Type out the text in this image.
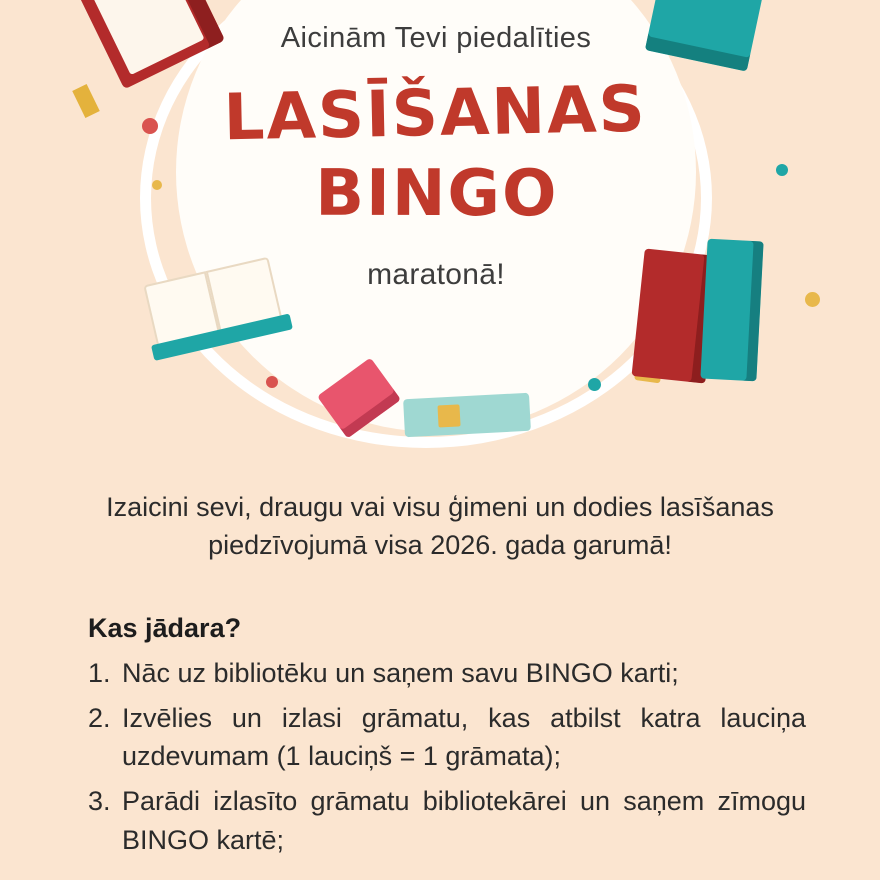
Aicinām Tevi piedalīties
LASĪŠANAS
BINGO
maratonā!

Izaicini sevi, draugu vai visu ģimeni un dodies lasīšanas piedzīvojumā visa 2026. gada garumā!

Kas jādara?
1. Nāc uz bibliotēku un saņem savu BINGO karti;
2. Izvēlies un izlasi grāmatu, kas atbilst katra lauciņa uzdevumam (1 lauciņš = 1 grāmata);
3. Parādi izlasīto grāmatu bibliotekārei un saņem zīmogu BINGO kartē;
